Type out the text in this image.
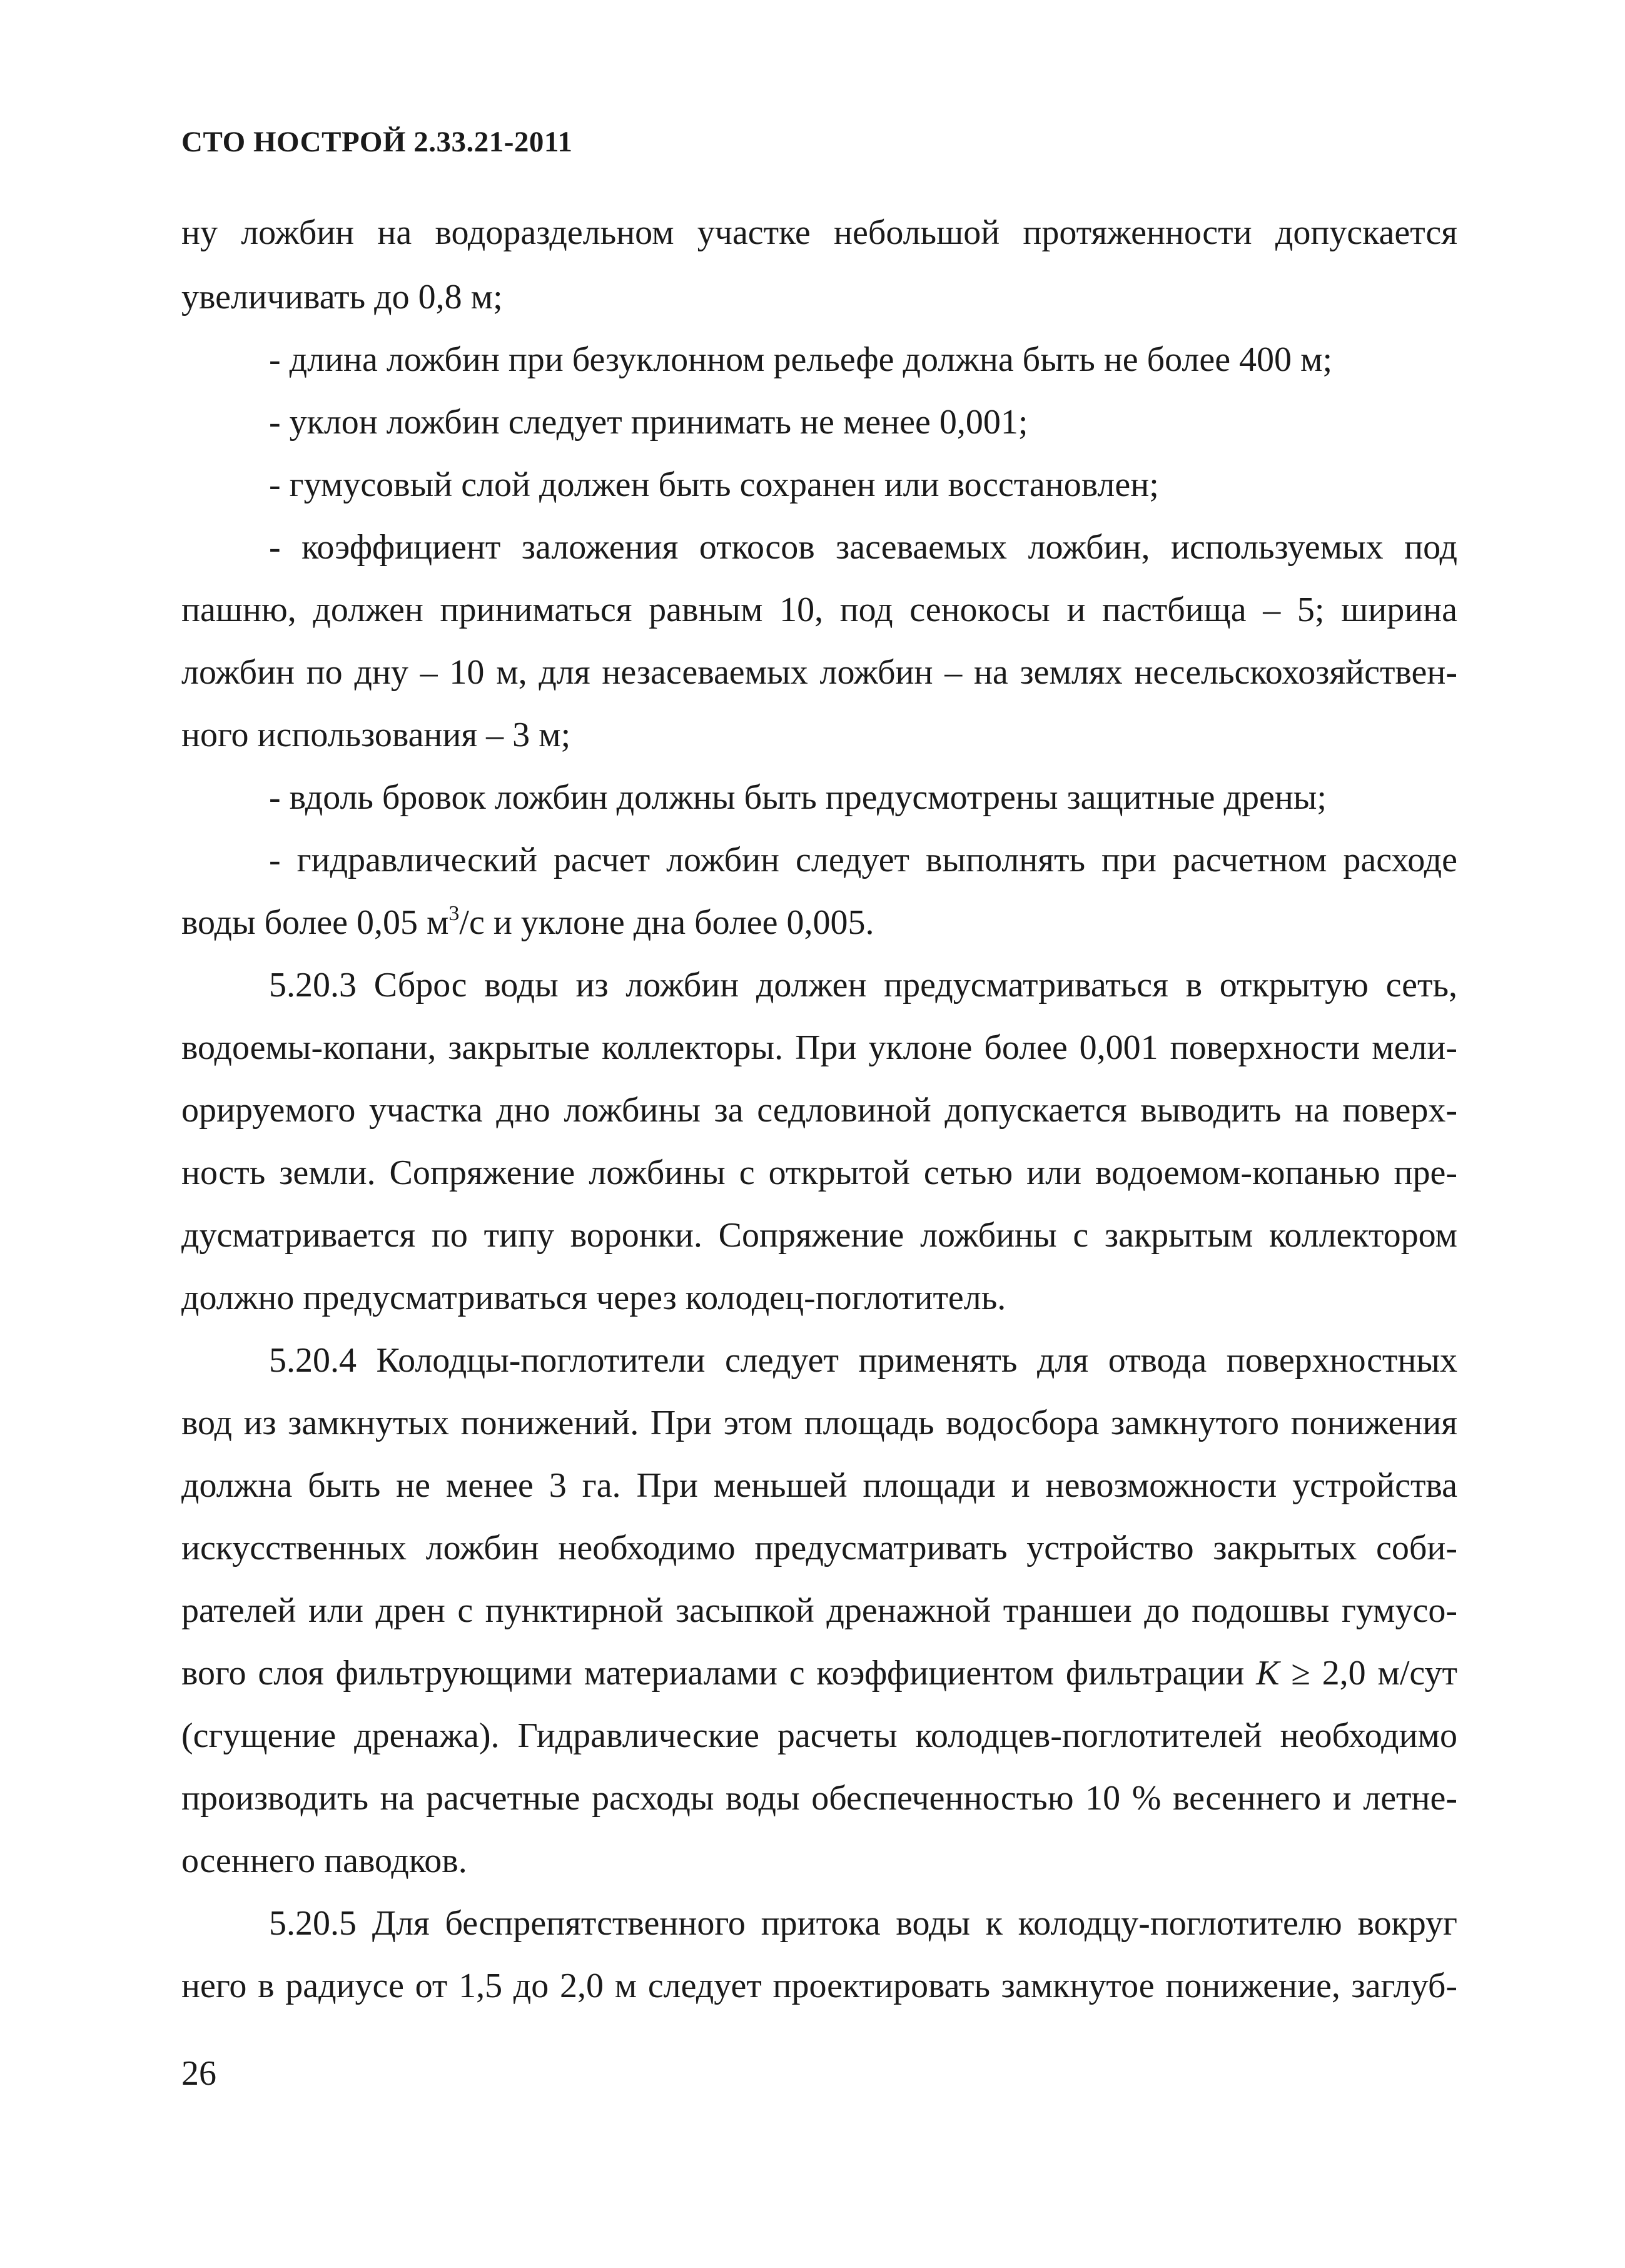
СТО НОСТРОЙ 2.33.21-2011
ну ложбин на водораздельном участке небольшой протяженности допускается
увеличивать до 0,8 м;
- длина ложбин при безуклонном рельефе должна быть не более 400 м;
- уклон ложбин следует принимать не менее 0,001;
- гумусовый слой должен быть сохранен или восстановлен;
- коэффициент заложения откосов засеваемых ложбин, используемых под
пашню, должен приниматься равным 10, под сенокосы и пастбища – 5; ширина
ложбин по дну – 10 м, для незасеваемых ложбин – на землях несельскохозяйствен-
ного использования – 3 м;
- вдоль бровок ложбин должны быть предусмотрены защитные дрены;
- гидравлический расчет ложбин следует выполнять при расчетном расходе
воды более 0,05 $м^3/с$ и уклоне дна более 0,005.
5.20.3 Сброс воды из ложбин должен предусматриваться в открытую сеть,
водоемы-копани, закрытые коллекторы. При уклоне более 0,001 поверхности мели-
орируемого участка дно ложбины за седловиной допускается выводить на поверх-
ность земли. Сопряжение ложбины с открытой сетью или водоемом-копанью пре-
дусматривается по типу воронки. Сопряжение ложбины с закрытым коллектором
должно предусматриваться через колодец-поглотитель.
5.20.4 Колодцы-поглотители следует применять для отвода поверхностных
вод из замкнутых понижений. При этом площадь водосбора замкнутого понижения
должна быть не менее 3 га. При меньшей площади и невозможности устройства
искусственных ложбин необходимо предусматривать устройство закрытых соби-
рателей или дрен с пунктирной засыпкой дренажной траншеи до подошвы гумусо-
вого слоя фильтрующими материалами с коэффициентом фильтрации K ≥ 2,0 м/сут
(сгущение дренажа). Гидравлические расчеты колодцев-поглотителей необходимо
производить на расчетные расходы воды обеспеченностью 10 % весеннего и летне-
осеннего паводков.
5.20.5 Для беспрепятственного притока воды к колодцу-поглотителю вокруг
него в радиусе от 1,5 до 2,0 м следует проектировать замкнутое понижение, заглуб-
26
